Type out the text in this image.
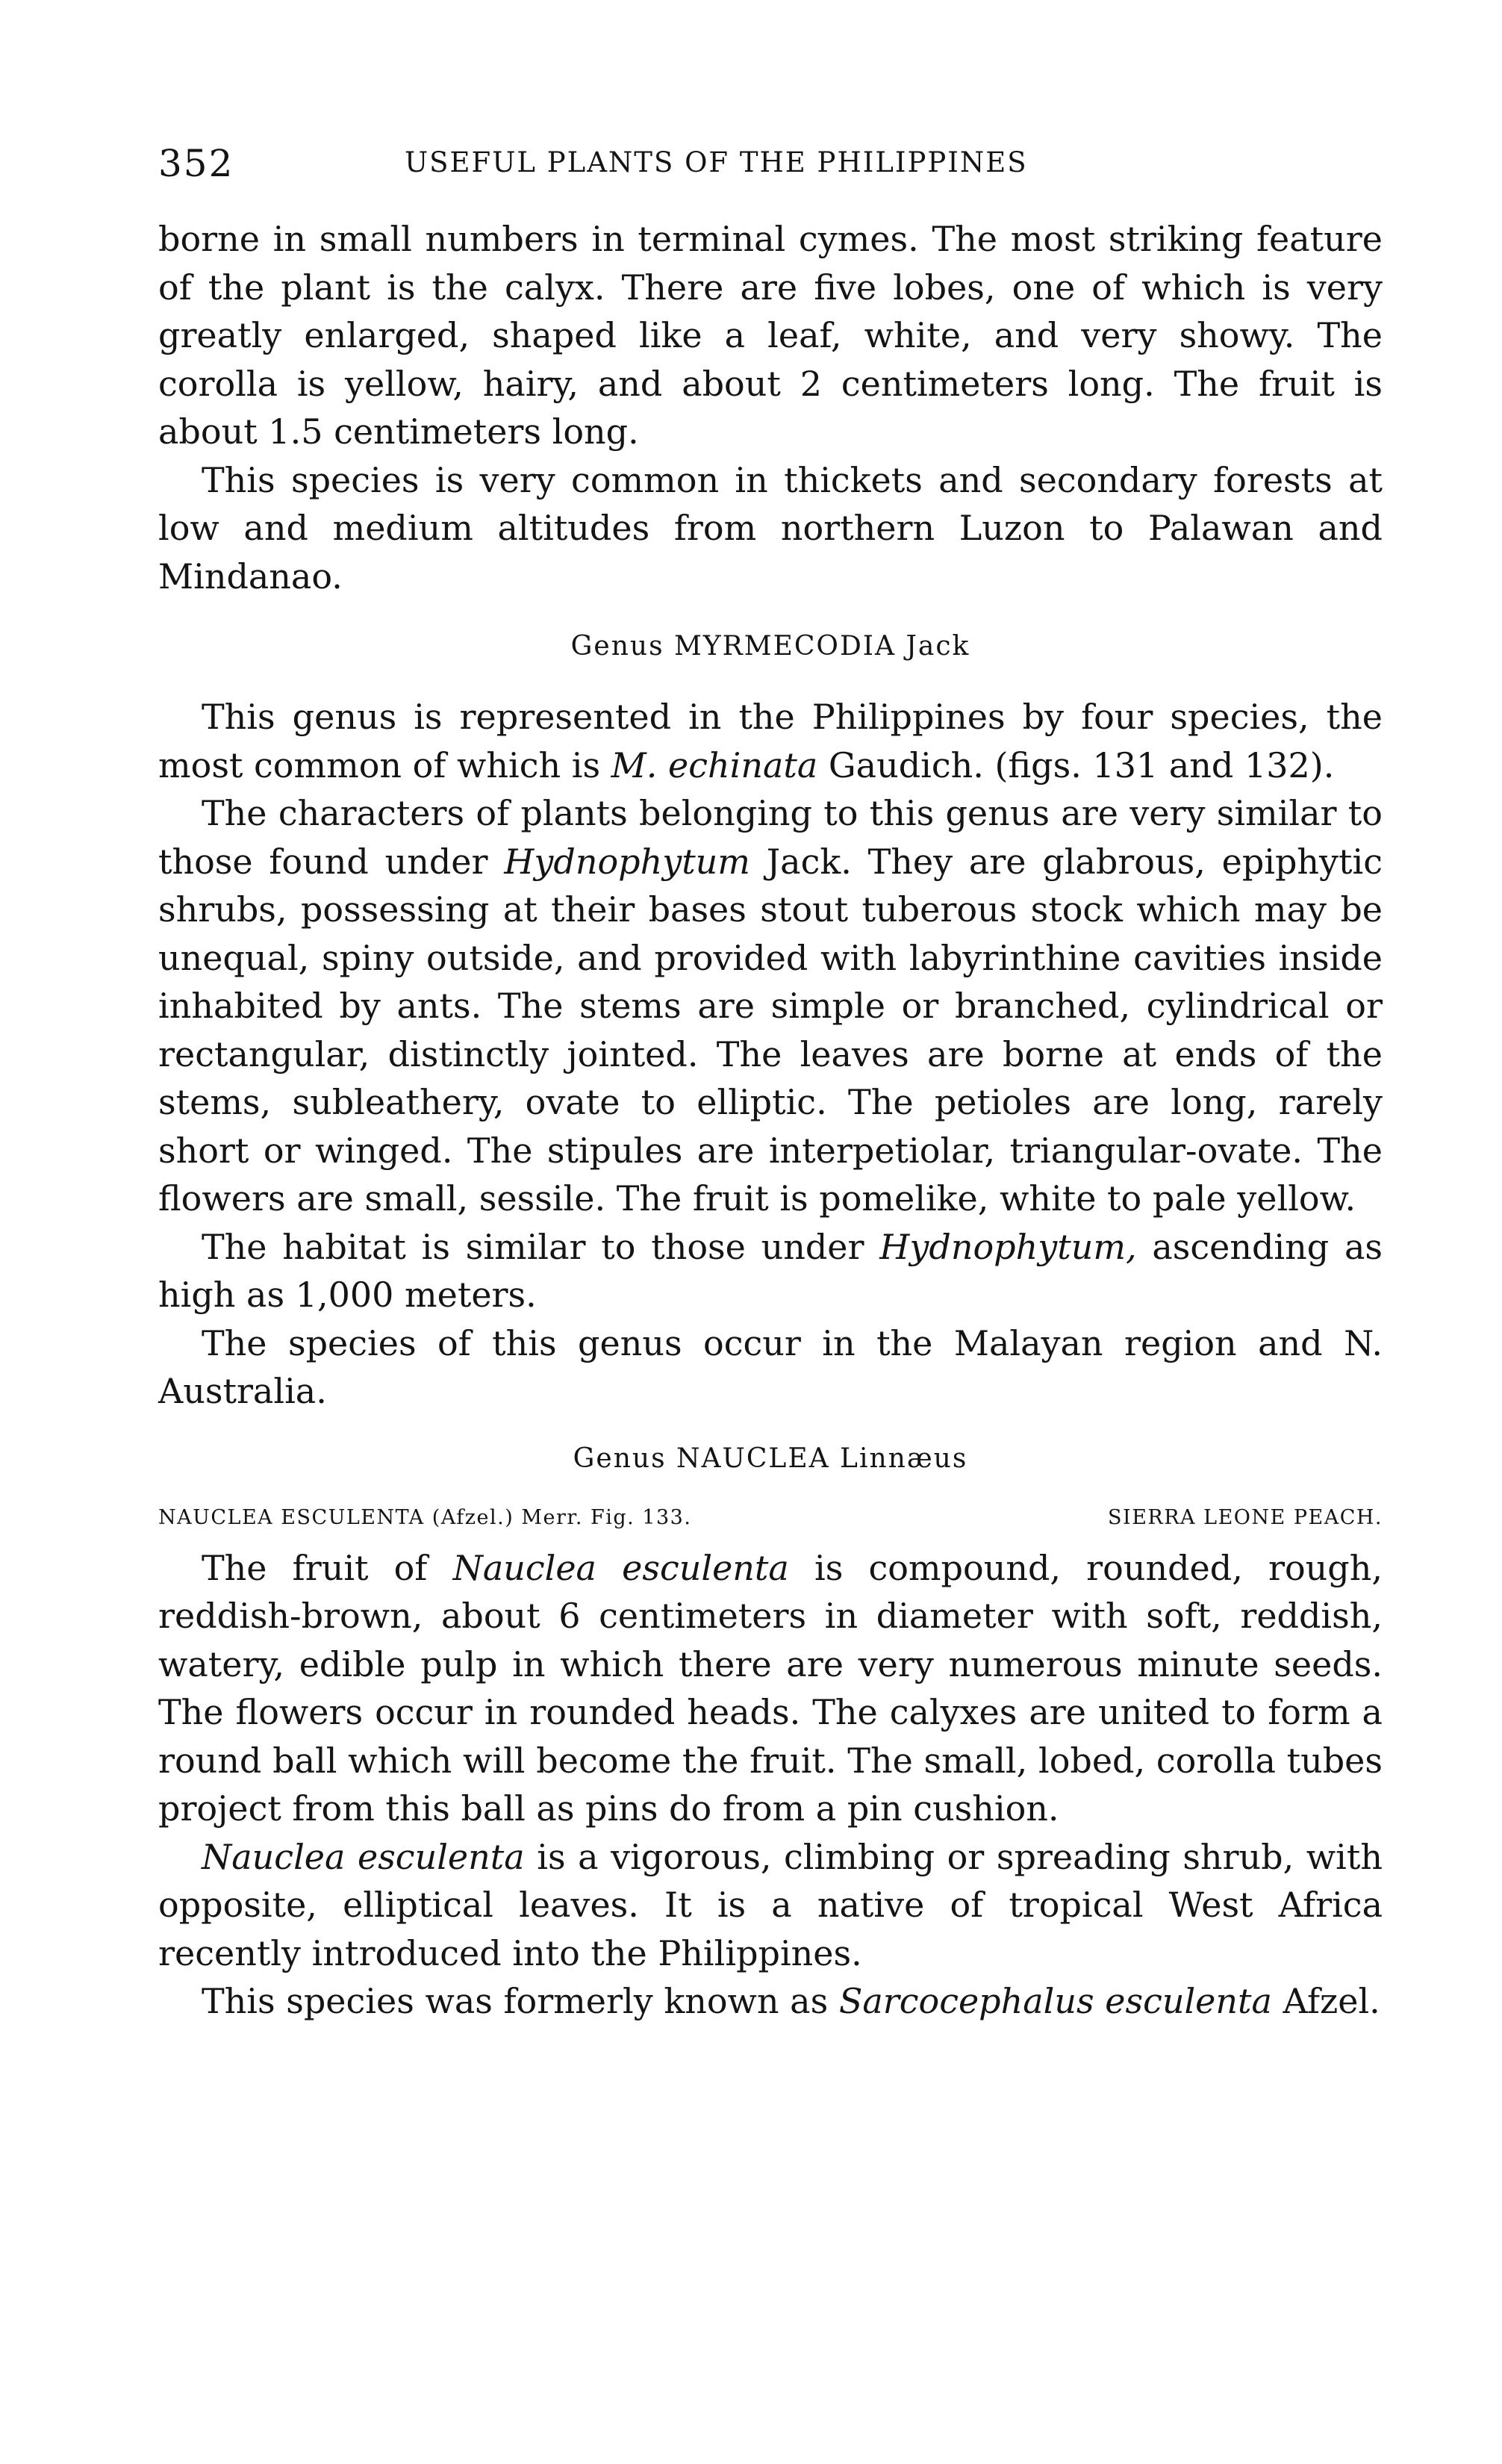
352	USEFUL PLANTS OF THE PHILIPPINES

borne in small numbers in terminal cymes. The most striking feature of the plant is the calyx. There are five lobes, one of which is very greatly enlarged, shaped like a leaf, white, and very showy. The corolla is yellow, hairy, and about 2 centimeters long. The fruit is about 1.5 centimeters long.

This species is very common in thickets and secondary forests at low and medium altitudes from northern Luzon to Palawan and Mindanao.

Genus MYRMECODIA Jack

This genus is represented in the Philippines by four species, the most common of which is M. echinata Gaudich. (figs. 131 and 132).

The characters of plants belonging to this genus are very similar to those found under Hydnophytum Jack. They are glabrous, epiphytic shrubs, possessing at their bases stout tuberous stock which may be unequal, spiny outside, and provided with labyrinthine cavities inside inhabited by ants. The stems are simple or branched, cylindrical or rectangular, distinctly jointed. The leaves are borne at ends of the stems, subleathery, ovate to elliptic. The petioles are long, rarely short or winged. The stipules are interpetiolar, triangular-ovate. The flowers are small, sessile. The fruit is pomelike, white to pale yellow.

The habitat is similar to those under Hydnophytum, ascending as high as 1,000 meters.

The species of this genus occur in the Malayan region and N. Australia.

Genus NAUCLEA Linnæus
NAUCLEA ESCULENTA (Afzel.) Merr. Fig. 133.	SIERRA LEONE PEACH.

The fruit of Nauclea esculenta is compound, rounded, rough, reddish-brown, about 6 centimeters in diameter with soft, reddish, watery, edible pulp in which there are very numerous minute seeds. The flowers occur in rounded heads. The calyxes are united to form a round ball which will become the fruit. The small, lobed, corolla tubes project from this ball as pins do from a pin cushion.

Nauclea esculenta is a vigorous, climbing or spreading shrub, with opposite, elliptical leaves. It is a native of tropical West Africa recently introduced into the Philippines.

This species was formerly known as Sarcocephalus esculenta Afzel.
